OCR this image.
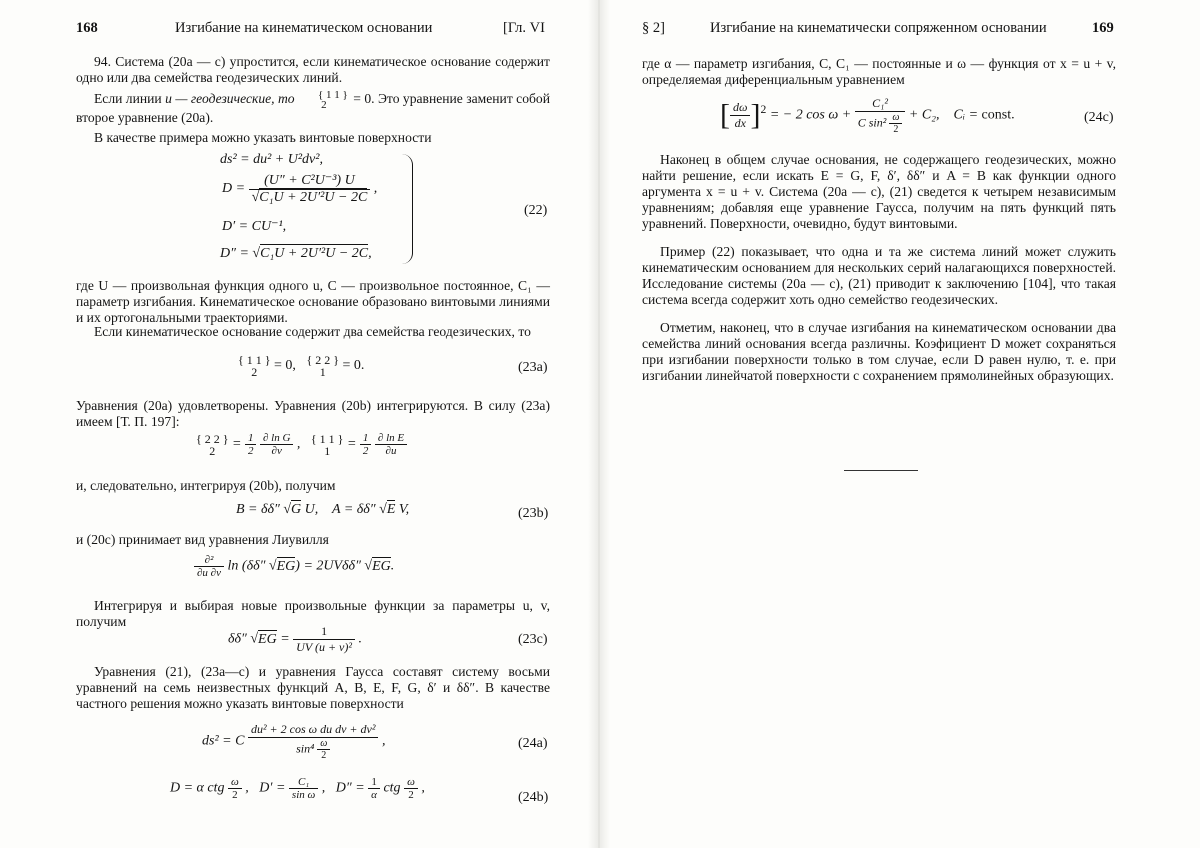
168	Изгибание на кинематическом основании	[Гл. VI
94. Система (20а — с) упростится, если кинематическое основание содержит одно или два семейства геодезических линий.
Если линии u — геодезические, то { 1 1 }
2  = 0. Это уравнение заменит собой второе уравнение (20а).
В качестве примера можно указать винтовые поверхности
ds² = du² + U²dv²,
$D = \frac{\text{(U″ + C²U⁻³) U}}{\text{√C₁U + 2U′²U − 2C}}$ ,
D′ = CU⁻¹,
D″ = √C₁U + 2U′²U − 2C,
(22)
где U — произвольная функция одного u, C — произвольное постоянное, C₁ — параметр изгибания. Кинематическое основание образовано винтовыми линиями и их ортогональными траекториями.
Если кинематическое основание содержит два семейства геодезических, то
{ 1 1 }
2  = 0,   { 2 2 }
1  = 0.	(23a)
Уравнения (20а) удовлетворены. Уравнения (20b) интегрируются. В силу (23а) имеем [Т. П. 197]:
{ 2 2 }
$2 = \frac{1}{2}$
$\frac{\text{∂ ln G}}{\partial v}$ ,   { 1 1 }
$1 = \frac{1}{2}$
$\frac{\text{∂ ln E}}{\partial u}$
и, следовательно, интегрируя (20b), получим
B = δδ″ √G U,    A = δδ″ √E V,	(23b)
и (20с) принимает вид уравнения Лиувилля
$\frac{\text{∂²}}{\partial u \partial v}$ ln (δδ″ √EG) = 2UVδδ″ √EG.
Интегрируя и выбирая новые произвольные функции за параметры u, v, получим
δδ″ $√EG = \frac{1}{\text{UV (u + v)²}}$ .	(23c)
Уравнения (21), (23а—с) и уравнения Гаусса составят систему восьми уравнений на семь неизвестных функций A, B, E, F, G, δ′ и δδ″. В качестве частного решения можно указать винтовые поверхности
ds² = C $\frac{\text{du² + 2 cos ω du dv + dv²}}{\sin^4 \frac{\omega}{2}}$ ,	(24a)
D = α ctg $\frac{\omega}{2}$ ,   $D' = \frac{\text{C₁}}{\text{sin ω}}$ ,   $D'' = \frac{1}{\alpha}$ ctg $\frac{\omega}{2}$ ,
(24b)
§ 2]	Изгибание на кинематически сопряженном основании	169
где α — параметр изгибания, C, C₁ — постоянные и ω — функция от x = u + v, определяемая диференциальным уравнением
[ $\frac{d\omega}{dx} ]^2$ = − 2 $\cos \omega + \frac{\text{C₁²}}{C \sin^2 \frac{\omega}{2}} + C_2$,    Cᵢ = const.	(24c)
Наконец в общем случае основания, не содержащего геодезических, можно найти решение, если искать E = G, F, δ′, δδ″ и A = B как функции одного аргумента x = u + v. Система (20а — с), (21) сведется к четырем независимым уравнениям; добавляя еще уравнение Гаусса, получим на пять функций пять уравнений. Поверхности, очевидно, будут винтовыми.
Пример (22) показывает, что одна и та же система линий может служить кинематическим основанием для нескольких серий налагающихся поверхностей. Исследование системы (20а — с), (21) приводит к заключению [104], что такая система всегда содержит хоть одно семейство геодезических.
Отметим, наконец, что в случае изгибания на кинематическом основании два семейства линий основания всегда различны. Коэфициент D может сохраняться при изгибании поверхности только в том случае, если D равен нулю, т. е. при изгибании линейчатой поверхности с сохранением прямолинейных образующих.
